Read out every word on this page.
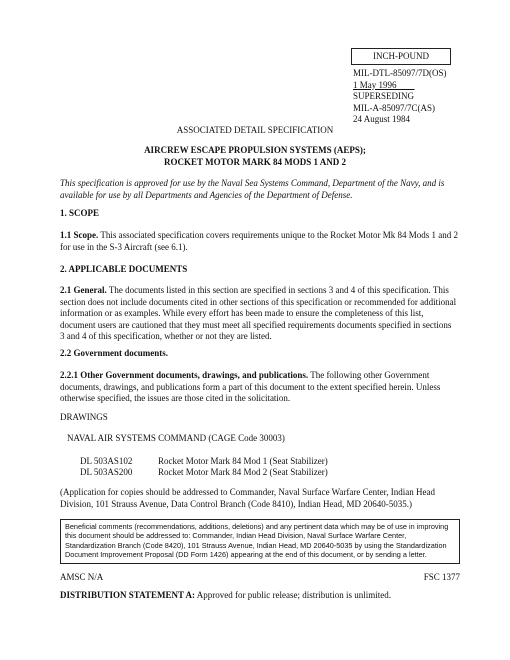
INCH-POUND

MIL-DTL-85097/7D(OS)

1 May 1996

SUPERSEDING

MIL-A-85097/7C(AS)

24 August 1984

ASSOCIATED DETAIL SPECIFICATION

AIRCREW ESCAPE PROPULSION SYSTEMS (AEPS);

ROCKET MOTOR MARK 84 MODS 1 AND 2

This specification is approved for use by the Naval Sea Systems Command, Department of the Navy, and is available for use by all Departments and Agencies of the Department of Defense.

1. SCOPE

1.1 Scope. This associated specification covers requirements unique to the Rocket Motor Mk 84 Mods 1 and 2 for use in the S-3 Aircraft (see 6.1).

2. APPLICABLE DOCUMENTS

2.1 General. The documents listed in this section are specified in sections 3 and 4 of this specification. This section does not include documents cited in other sections of this specification or recommended for additional information or as examples. While every effort has been made to ensure the completeness of this list, document users are cautioned that they must meet all specified requirements documents specified in sections 3 and 4 of this specification, whether or not they are listed.

2.2 Government documents.

2.2.1 Other Government documents, drawings, and publications. The following other Government documents, drawings, and publications form a part of this document to the extent specified herein. Unless otherwise specified, the issues are those cited in the solicitation.

DRAWINGS

NAVAL AIR SYSTEMS COMMAND (CAGE Code 30003)

DL 503AS102	Rocket Motor Mark 84 Mod 1 (Seat Stabilizer)
DL 503AS200	Rocket Motor Mark 84 Mod 2 (Seat Stabilizer)

(Application for copies should be addressed to Commander, Naval Surface Warfare Center, Indian Head Division, 101 Strauss Avenue, Data Control Branch (Code 8410), Indian Head, MD 20640-5035.)

Beneficial comments (recommendations, additions, deletions) and any pertinent data which may be of use in improving this document should be addressed to: Commander, Indian Head Division, Naval Surface Warfare Center, Standardization Branch (Code 8420), 101 Strauss Avenue, Indian Head, MD 20640-5035 by using the Standardization Document Improvement Proposal (DD Form 1426) appearing at the end of this document, or by sending a letter.

AMSC N/A	FSC 1377

DISTRIBUTION STATEMENT A: Approved for public release; distribution is unlimited.
